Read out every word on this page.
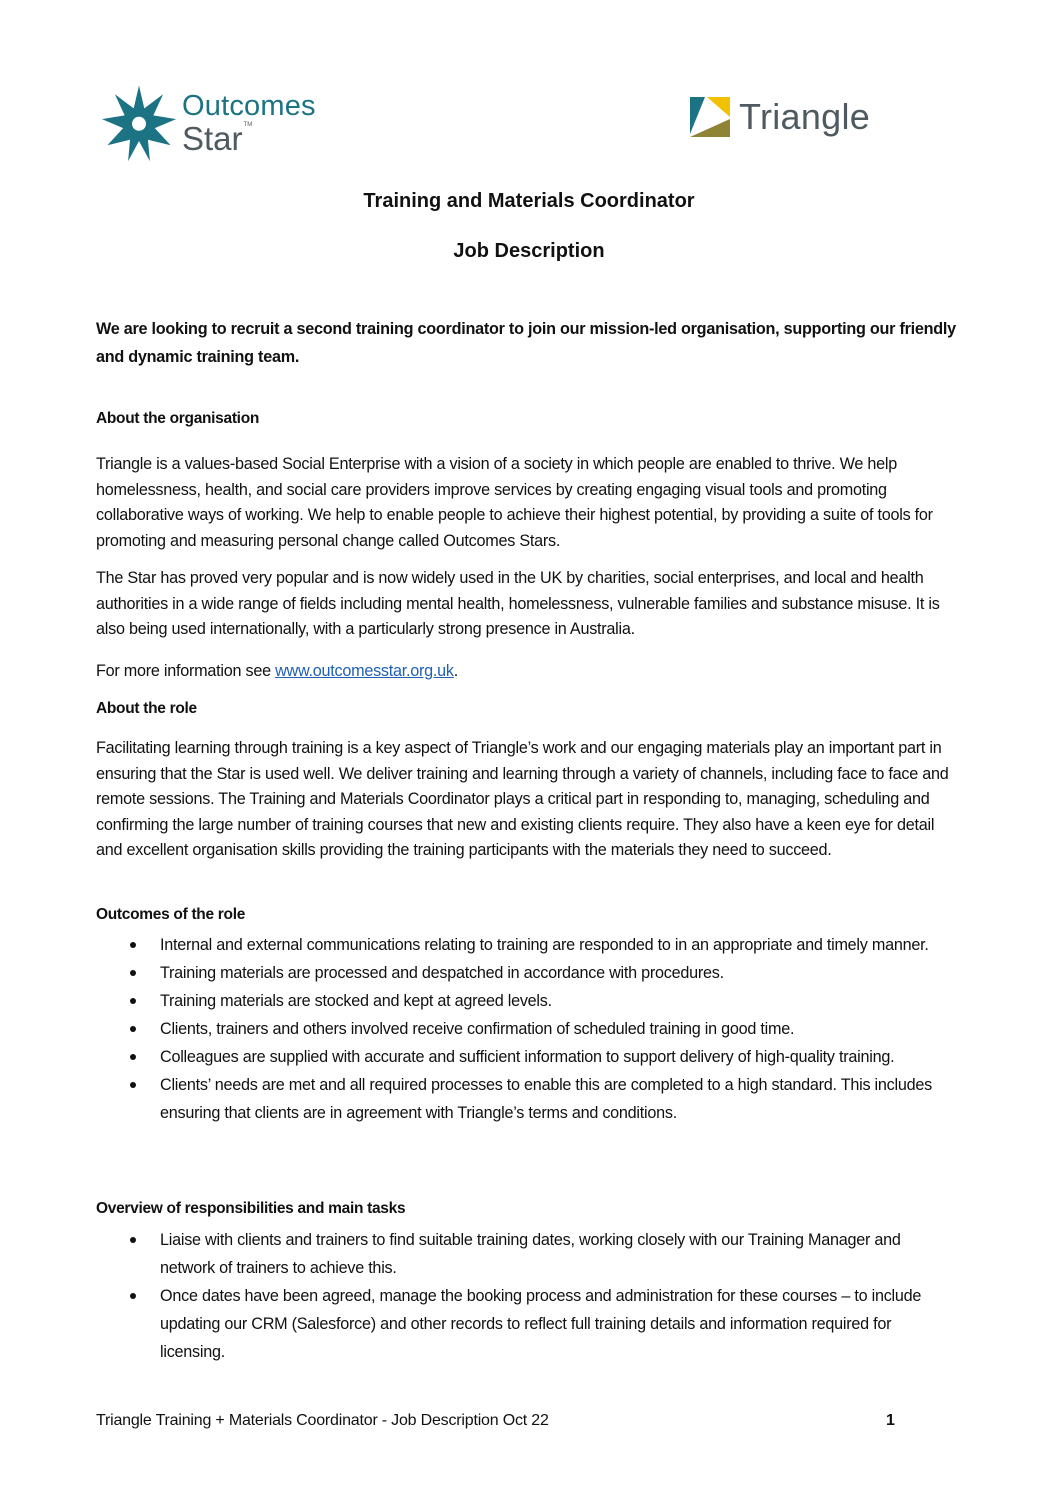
Outcomes
Star™	Triangle
Training and Materials Coordinator
Job Description
We are looking to recruit a second training coordinator to join our mission-led organisation, supporting our friendly and dynamic training team.
About the organisation
Triangle is a values-based Social Enterprise with a vision of a society in which people are enabled to thrive. We help homelessness, health, and social care providers improve services by creating engaging visual tools and promoting collaborative ways of working. We help to enable people to achieve their highest potential, by providing a suite of tools for promoting and measuring personal change called Outcomes Stars.
The Star has proved very popular and is now widely used in the UK by charities, social enterprises, and local and health authorities in a wide range of fields including mental health, homelessness, vulnerable families and substance misuse. It is also being used internationally, with a particularly strong presence in Australia.
For more information see www.outcomesstar.org.uk.
About the role
Facilitating learning through training is a key aspect of Triangle’s work and our engaging materials play an important part in ensuring that the Star is used well. We deliver training and learning through a variety of channels, including face to face and remote sessions. The Training and Materials Coordinator plays a critical part in responding to, managing, scheduling and confirming the large number of training courses that new and existing clients require. They also have a keen eye for detail and excellent organisation skills providing the training participants with the materials they need to succeed.
Outcomes of the role
Internal and external communications relating to training are responded to in an appropriate and timely manner.
Training materials are processed and despatched in accordance with procedures.
Training materials are stocked and kept at agreed levels.
Clients, trainers and others involved receive confirmation of scheduled training in good time.
Colleagues are supplied with accurate and sufficient information to support delivery of high-quality training.
Clients’ needs are met and all required processes to enable this are completed to a high standard. This includes ensuring that clients are in agreement with Triangle’s terms and conditions.
Overview of responsibilities and main tasks
Liaise with clients and trainers to find suitable training dates, working closely with our Training Manager and network of trainers to achieve this.
Once dates have been agreed, manage the booking process and administration for these courses – to include updating our CRM (Salesforce) and other records to reflect full training details and information required for licensing.
Triangle Training + Materials Coordinator - Job Description Oct 22	1
